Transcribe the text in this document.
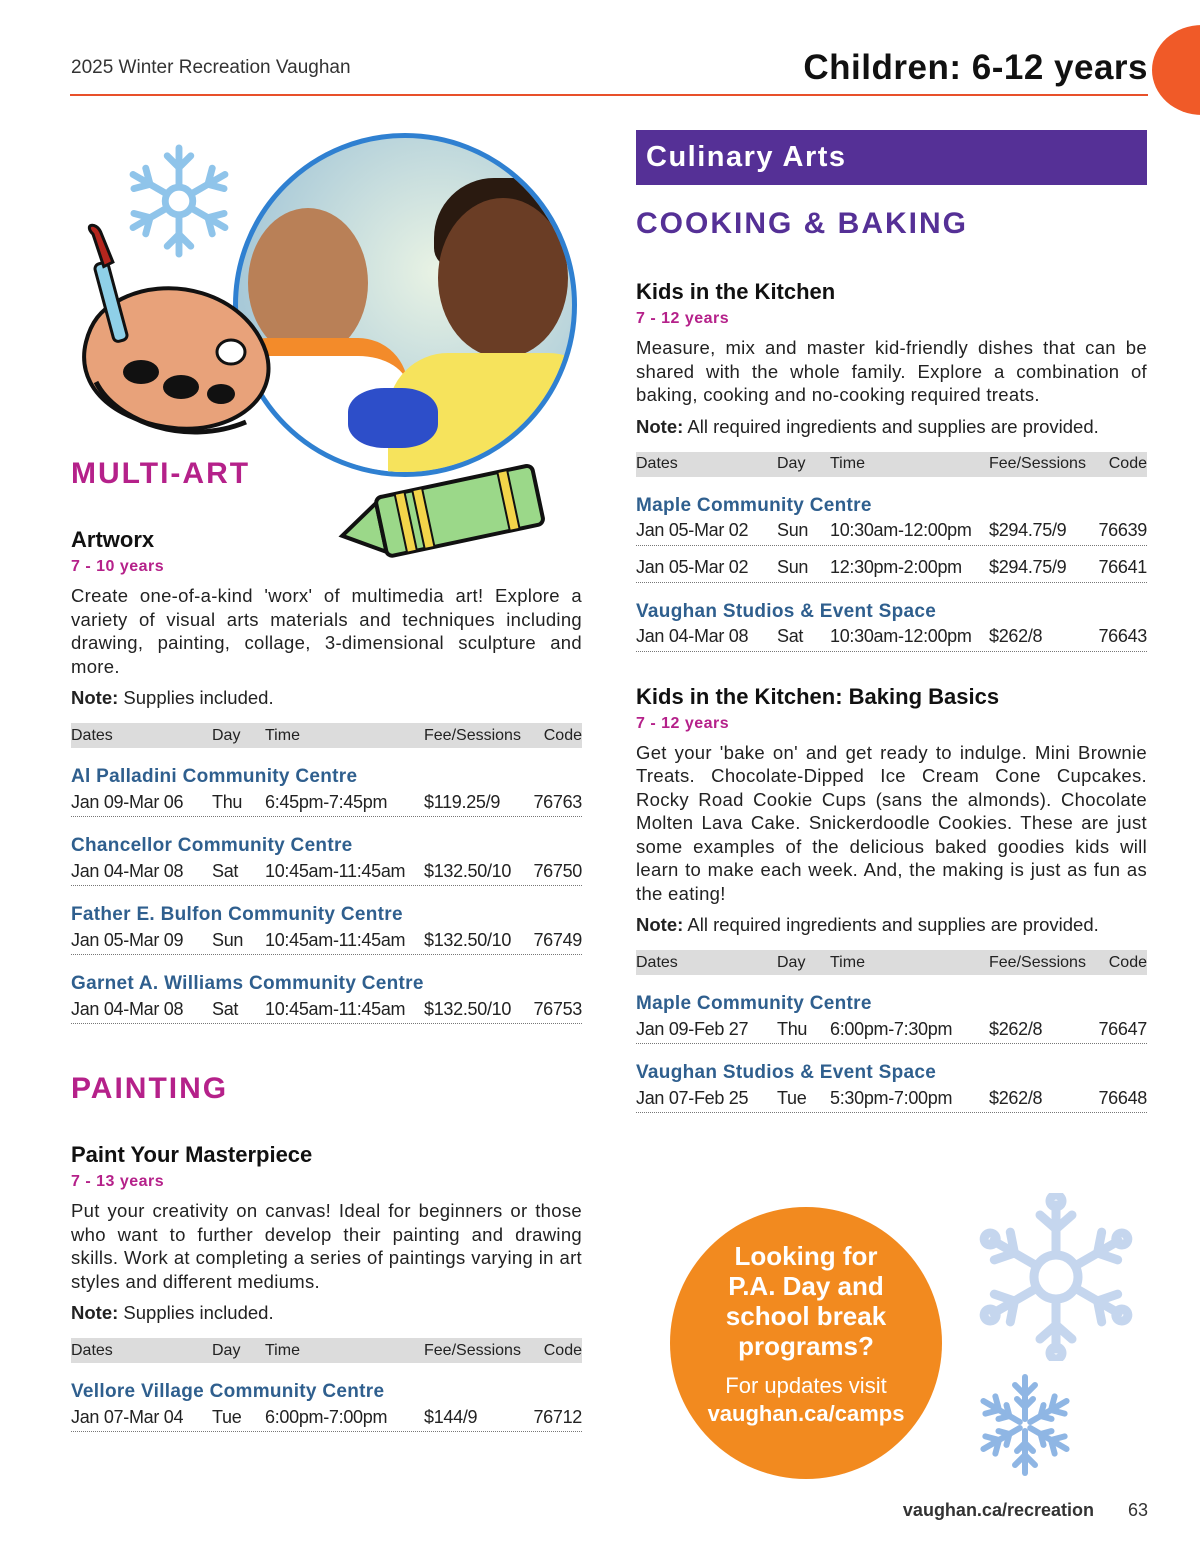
2025 Winter Recreation Vaughan	Children: 6-12 years
MULTI-ART
Artworx
7 - 10 years
Create one-of-a-kind 'worx' of multimedia art! Explore a variety of visual arts materials and techniques including drawing, painting, collage, 3-dimensional sculpture and more.
Note: Supplies included.
Dates	Day	Time	Fee/Sessions	Code
Al Palladini Community Centre
Jan 09-Mar 06	Thu	6:45pm-7:45pm	$119.25/9	76763
Chancellor Community Centre
Jan 04-Mar 08	Sat	10:45am-11:45am	$132.50/10	76750
Father E. Bulfon Community Centre
Jan 05-Mar 09	Sun	10:45am-11:45am	$132.50/10	76749
Garnet A. Williams Community Centre
Jan 04-Mar 08	Sat	10:45am-11:45am	$132.50/10	76753
PAINTING
Paint Your Masterpiece
7 - 13 years
Put your creativity on canvas! Ideal for beginners or those who want to further develop their painting and drawing skills. Work at completing a series of paintings varying in art styles and different mediums.
Note: Supplies included.
Dates	Day	Time	Fee/Sessions	Code
Vellore Village Community Centre
Jan 07-Mar 04	Tue	6:00pm-7:00pm	$144/9	76712
Culinary Arts
COOKING & BAKING
Kids in the Kitchen
7 - 12 years
Measure, mix and master kid-friendly dishes that can be shared with the whole family. Explore a combination of baking, cooking and no-cooking required treats.
Note: All required ingredients and supplies are provided.
Dates	Day	Time	Fee/Sessions	Code
Maple Community Centre
Jan 05-Mar 02	Sun	10:30am-12:00pm $294.75/9	76639
Jan 05-Mar 02	Sun	12:30pm-2:00pm	$294.75/9	76641
Vaughan Studios & Event Space
Jan 04-Mar 08	Sat	10:30am-12:00pm $262/8	76643
Kids in the Kitchen: Baking Basics
7 - 12 years
Get your 'bake on' and get ready to indulge. Mini Brownie Treats. Chocolate-Dipped Ice Cream Cone Cupcakes. Rocky Road Cookie Cups (sans the almonds). Chocolate Molten Lava Cake. Snickerdoodle Cookies. These are just some examples of the delicious baked goodies kids will learn to make each week. And, the making is just as fun as the eating!
Note: All required ingredients and supplies are provided.
Dates	Day	Time	Fee/Sessions	Code
Maple Community Centre
Jan 09-Feb 27	Thu	6:00pm-7:30pm	$262/8	76647
Vaughan Studios & Event Space
Jan 07-Feb 25	Tue	5:30pm-7:00pm	$262/8	76648
Looking for
P.A. Day and
school break
programs?
For updates visit
vaughan.ca/camps
vaughan.ca/recreation 63
